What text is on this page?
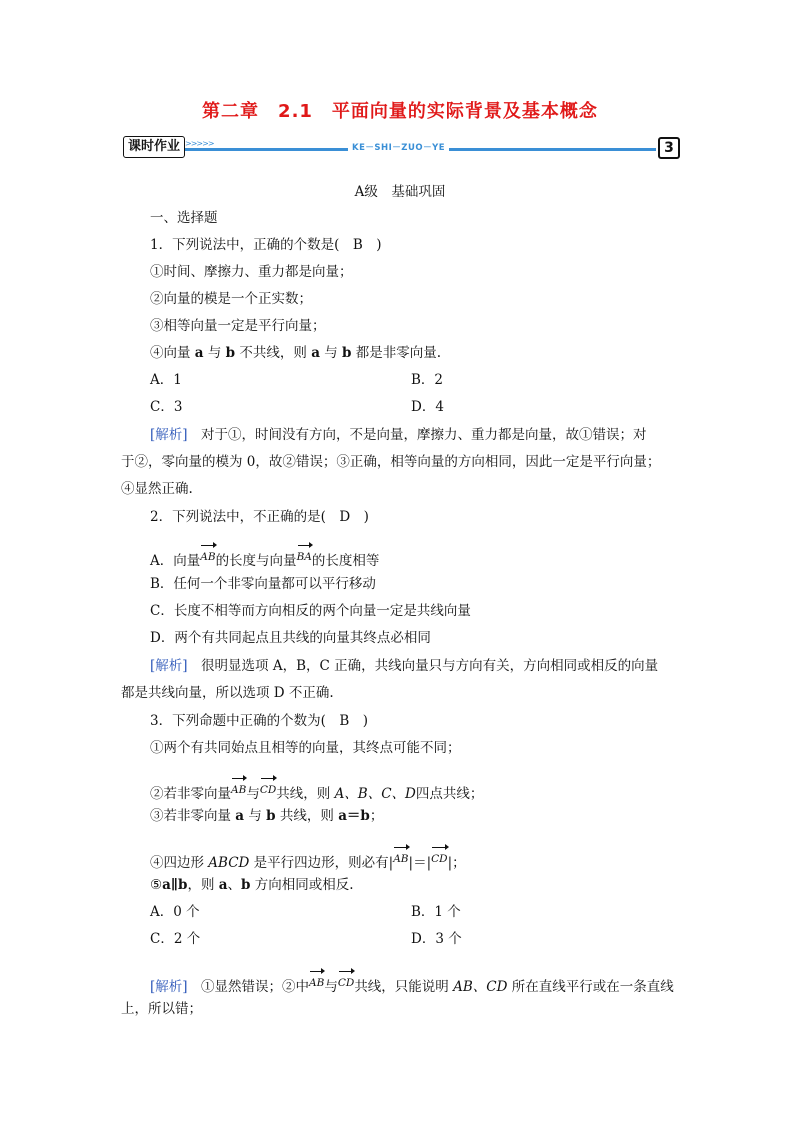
第二章　2.1　平面向量的实际背景及基本概念
课时作业 >>>>>	KE－SHI－ZUO－YE	3
A级　基础巩固
一、选择题
1．下列说法中，正确的个数是(　B　)
①时间、摩擦力、重力都是向量；
②向量的模是一个正实数；
③相等向量一定是平行向量；
④向量 a 与 b 不共线，则 a 与 b 都是非零向量.
A．1	B．2
C．3	D．4
[解析]　 对于①，时间没有方向，不是向量，摩擦力、重力都是向量，故①错误；对
于②，零向量的模为 0，故②错误；③正确，相等向量的方向相同，因此一定是平行向量；
④显然正确.
2．下列说法中，不正确的是(　D　)
A．向量AB的长度与向量BA的长度相等
B．任何一个非零向量都可以平行移动
C．长度不相等而方向相反的两个向量一定是共线向量
D．两个有共同起点且共线的向量其终点必相同
[解析]　 很明显选项 A，B，C 正确，共线向量只与方向有关，方向相同或相反的向量
都是共线向量，所以选项 D 不正确.
3．下列命题中正确的个数为(　B　)
①两个有共同始点且相等的向量，其终点可能不同；
②若非零向量AB与CD共线，则 A、B、C、D四点共线；
③若非零向量 a 与 b 共线，则 a＝b；
④四边形 ABCD 是平行四边形，则必有|AB|＝|CD|；
⑤a∥b，则 a、b 方向相同或相反.
A．0 个	B．1 个
C．2 个	D．3 个
[解析]　 ①显然错误；②中AB与CD共线，只能说明 AB、CD 所在直线平行或在一条直线
上，所以错；
